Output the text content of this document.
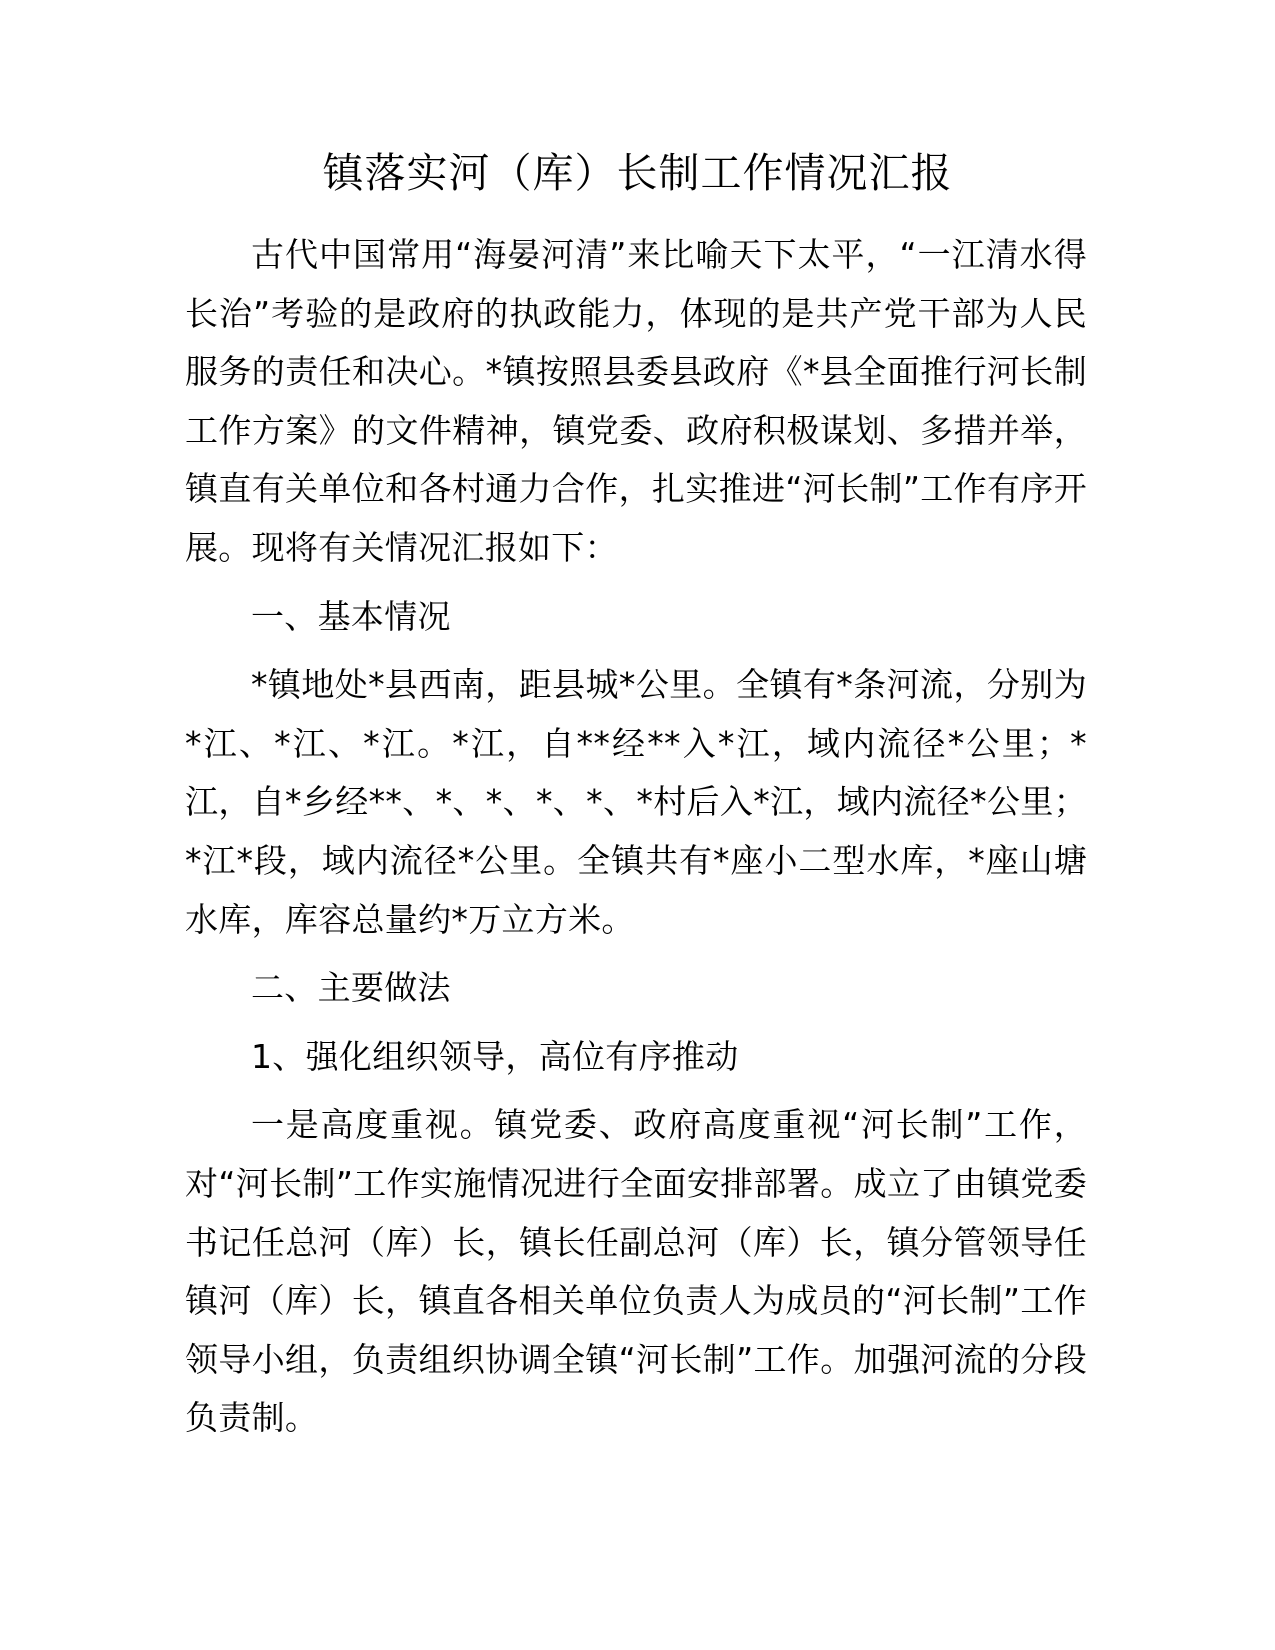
镇落实河（库）长制工作情况汇报

古代中国常用“海晏河清”来比喻天下太平，“一江清水得长治”考验的是政府的执政能力，体现的是共产党干部为人民服务的责任和决心。*镇按照县委县政府《*县全面推行河长制工作方案》的文件精神，镇党委、政府积极谋划、多措并举，镇直有关单位和各村通力合作，扎实推进“河长制”工作有序开展。现将有关情况汇报如下：

一、基本情况

*镇地处*县西南，距县城*公里。全镇有*条河流，分别为*江、*江、*江。*江，自**经**入*江，域内流径*公里；*江，自*乡经**、*、*、*、*、*村后入*江，域内流径*公里；*江*段，域内流径*公里。全镇共有*座小二型水库，*座山塘水库，库容总量约*万立方米。

二、主要做法

1、强化组织领导，高位有序推动

一是高度重视。镇党委、政府高度重视“河长制”工作，对“河长制”工作实施情况进行全面安排部署。成立了由镇党委书记任总河（库）长，镇长任副总河（库）长，镇分管领导任镇河（库）长，镇直各相关单位负责人为成员的“河长制”工作领导小组，负责组织协调全镇“河长制”工作。加强河流的分段负责制。
